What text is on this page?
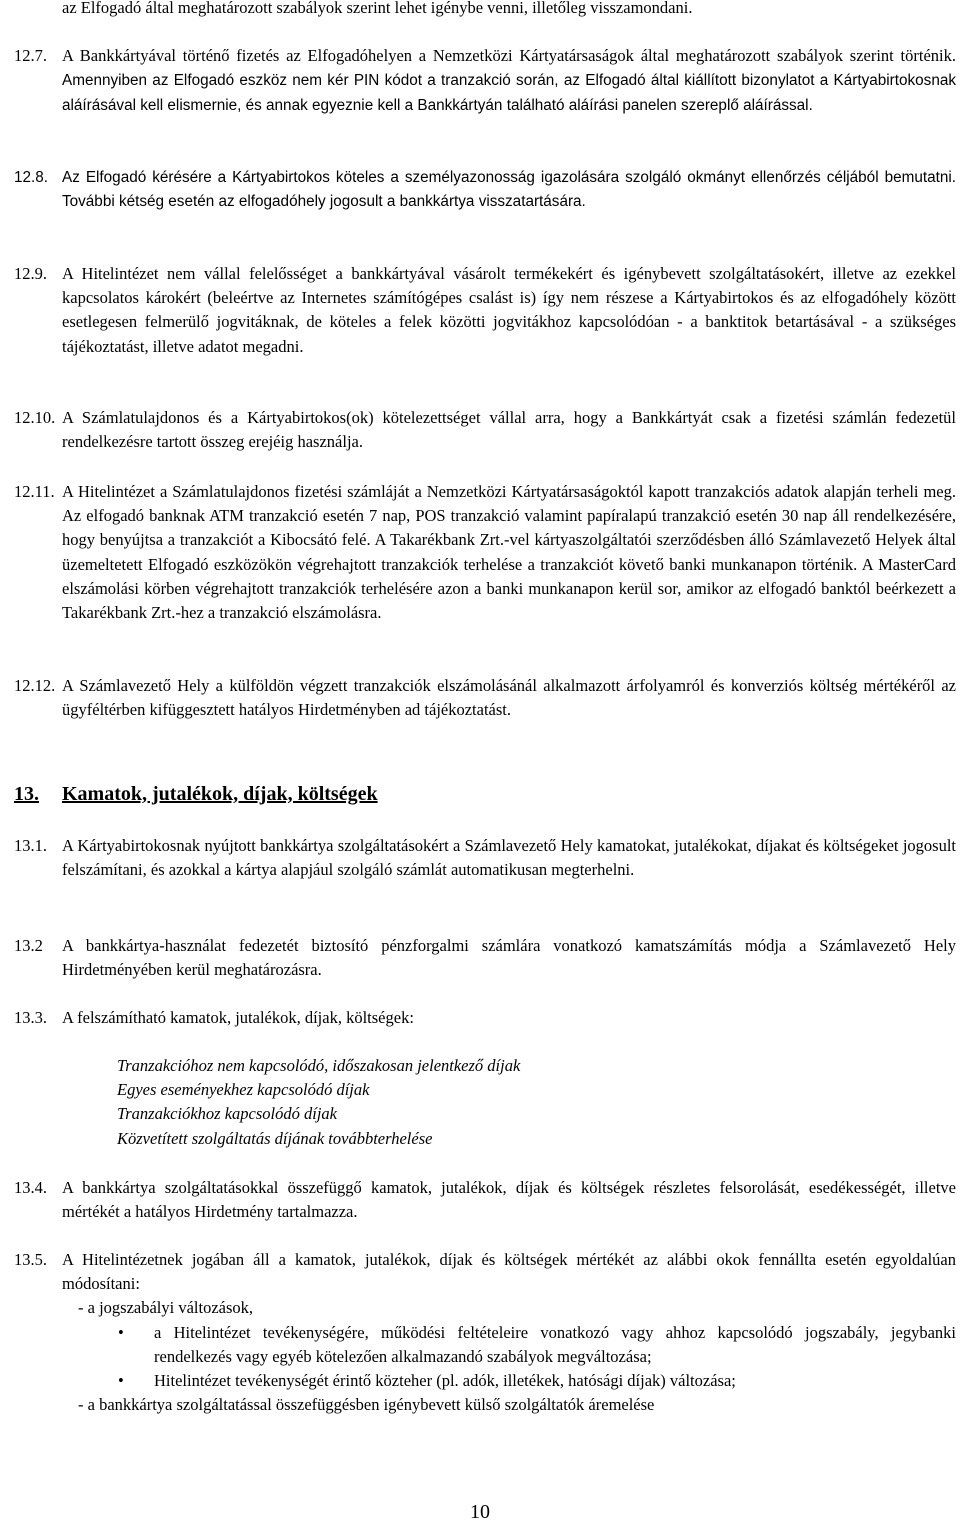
az Elfogadó által meghatározott szabályok szerint lehet igénybe venni, illetőleg visszamondani.
12.7. A Bankkártyával történő fizetés az Elfogadóhelyen a Nemzetközi Kártyatársaságok által meghatározott szabályok szerint történik. Amennyiben az Elfogadó eszköz nem kér PIN kódot a tranzakció során, az Elfogadó által kiállított bizonylatot a Kártyabirtokosnak aláírásával kell elismernie, és annak egyeznie kell a Bankkártyán található aláírási panelen szereplő aláírással.
12.8. Az Elfogadó kérésére a Kártyabirtokos köteles a személyazonosság igazolására szolgáló okmányt ellenőrzés céljából bemutatni. További kétség esetén az elfogadóhely jogosult a bankkártya visszatartására.
12.9. A Hitelintézet nem vállal felelősséget a bankkártyával vásárolt termékekért és igénybevett szolgáltatásokért, illetve az ezekkel kapcsolatos károkért (beleértve az Internetes számítógépes csalást is) így nem részese a Kártyabirtokos és az elfogadóhely között esetlegesen felmerülő jogvitáknak, de köteles a felek közötti jogvitákhoz kapcsolódóan - a banktitok betartásával - a szükséges tájékoztatást, illetve adatot megadni.
12.10. A Számlatulajdonos és a Kártyabirtokos(ok) kötelezettséget vállal arra, hogy a Bankkártyát csak a fizetési számlán fedezetül rendelkezésre tartott összeg erejéig használja.
12.11. A Hitelintézet a Számlatulajdonos fizetési számláját a Nemzetközi Kártyatársaságoktól kapott tranzakciós adatok alapján terheli meg. Az elfogadó banknak ATM tranzakció esetén 7 nap, POS tranzakció valamint papíralapú tranzakció esetén 30 nap áll rendelkezésére, hogy benyújtsa a tranzakciót a Kibocsátó felé. A Takarékbank Zrt.-vel kártyaszolgáltatói szerződésben álló Számlavezető Helyek által üzemeltetett Elfogadó eszközökön végrehajtott tranzakciók terhelése a tranzakciót követő banki munkanapon történik. A MasterCard elszámolási körben végrehajtott tranzakciók terhelésére azon a banki munkanapon kerül sor, amikor az elfogadó banktól beérkezett a Takarékbank Zrt.-hez a tranzakció elszámolásra.
12.12. A Számlavezető Hely a külföldön végzett tranzakciók elszámolásánál alkalmazott árfolyamról és konverziós költség mértékéről az ügyféltérben kifüggesztett hatályos Hirdetményben ad tájékoztatást.
13. Kamatok, jutalékok, díjak, költségek
13.1. A Kártyabirtokosnak nyújtott bankkártya szolgáltatásokért a Számlavezető Hely kamatokat, jutalékokat, díjakat és költségeket jogosult felszámítani, és azokkal a kártya alapjául szolgáló számlát automatikusan megterhelni.
13.2	A bankkártya-használat fedezetét biztosító pénzforgalmi számlára vonatkozó kamatszámítás módja a Számlavezető Hely Hirdetményében kerül meghatározásra.
13.3. A felszámítható kamatok, jutalékok, díjak, költségek:
Tranzakcióhoz nem kapcsolódó, időszakosan jelentkező díjak
Egyes eseményekhez kapcsolódó díjak
Tranzakciókhoz kapcsolódó díjak
Közvetített szolgáltatás díjának továbbterhelése
13.4. A bankkártya szolgáltatásokkal összefüggő kamatok, jutalékok, díjak és költségek részletes felsorolását, esedékességét, illetve mértékét a hatályos Hirdetmény tartalmazza.
13.5. A Hitelintézetnek jogában áll a kamatok, jutalékok, díjak és költségek mértékét az alábbi okok fennállta esetén egyoldalúan módosítani:
- a jogszabályi változások,
• a Hitelintézet tevékenységére, működési feltételeire vonatkozó vagy ahhoz kapcsolódó jogszabály, jegybanki rendelkezés vagy egyéb kötelezően alkalmazandó szabályok megváltozása;
• Hitelintézet tevékenységét érintő közteher (pl. adók, illetékek, hatósági díjak) változása;
- a bankkártya szolgáltatással összefüggésben igénybevett külső szolgáltatók áremelése
10
